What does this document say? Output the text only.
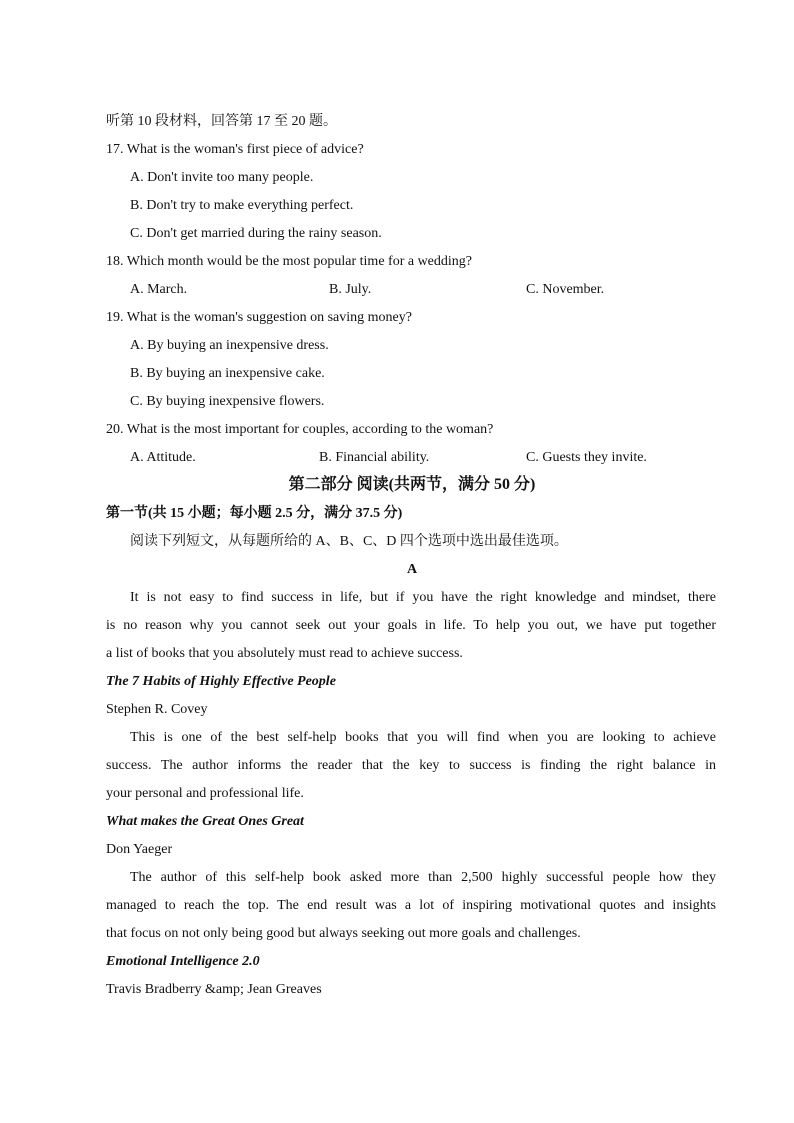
听第 10 段材料，回答第 17 至 20 题。
17. What is the woman's first piece of advice?
A. Don't invite too many people.
B. Don't try to make everything perfect.
C. Don't get married during the rainy season.
18. Which month would be the most popular time for a wedding?
A. March.	B. July.	C. November.
19. What is the woman's suggestion on saving money?
A. By buying an inexpensive dress.
B. By buying an inexpensive cake.
C. By buying inexpensive flowers.
20. What is the most important for couples, according to the woman?
A. Attitude.	B. Financial ability.	C. Guests they invite.
第二部分 阅读(共两节，满分 50 分)
第一节(共 15 小题；每小题 2.5 分，满分 37.5 分)
阅读下列短文，从每题所给的 A、B、C、D 四个选项中选出最佳选项。
A
It is not easy to find success in life, but if you have the right knowledge and mindset, there
is no reason why you cannot seek out your goals in life. To help you out, we have put together
a list of books that you absolutely must read to achieve success.
The 7 Habits of Highly Effective People
Stephen R. Covey
This is one of the best self-help books that you will find when you are looking to achieve
success. The author informs the reader that the key to success is finding the right balance in
your personal and professional life.
What makes the Great Ones Great
Don Yaeger
The author of this self-help book asked more than 2,500 highly successful people how they
managed to reach the top. The end result was a lot of inspiring motivational quotes and insights
that focus on not only being good but always seeking out more goals and challenges.
Emotional Intelligence 2.0
Travis Bradberry &amp; Jean Greaves
